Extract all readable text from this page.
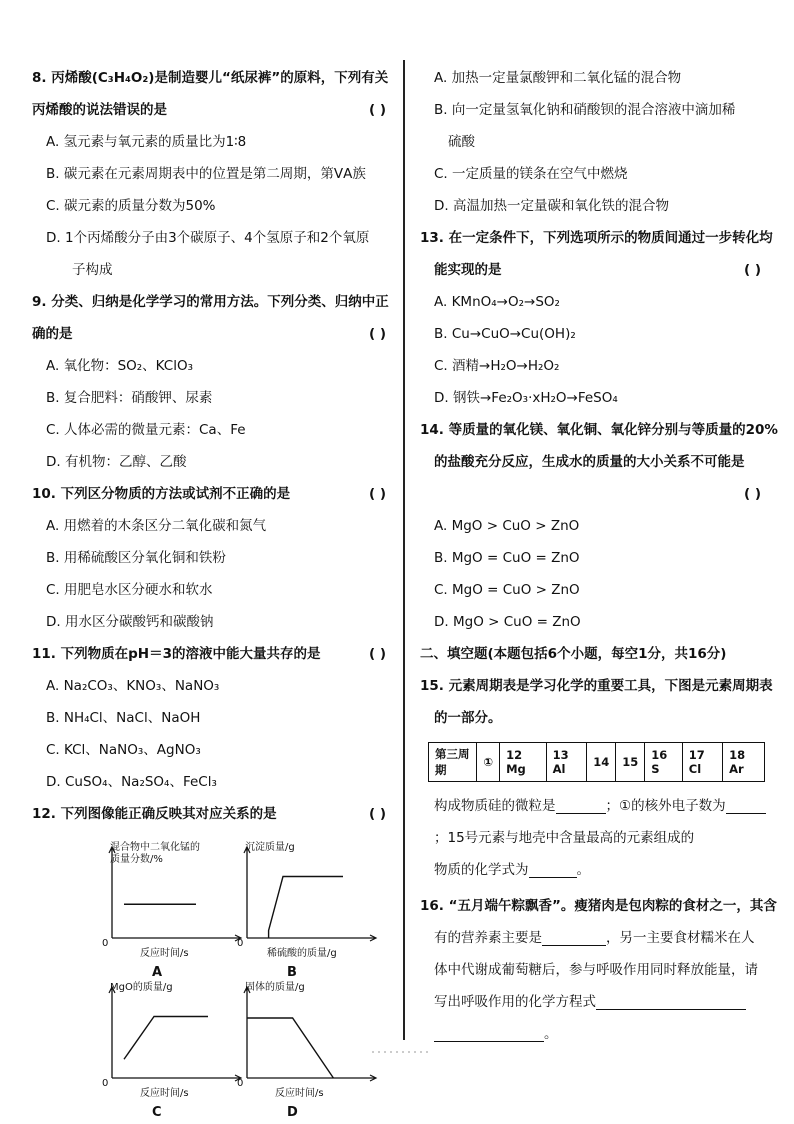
8. 丙烯酸(C₃H₄O₂)是制造婴儿“纸尿裤”的原料，下列有关
丙烯酸的说法错误的是	( )
A. 氢元素与氧元素的质量比为1∶8
B. 碳元素在元素周期表中的位置是第二周期，第ⅤA族
C. 碳元素的质量分数为50%
D. 1个丙烯酸分子由3个碳原子、4个氢原子和2个氧原
子构成
9. 分类、归纳是化学学习的常用方法。下列分类、归纳中正
确的是	( )
A. 氧化物：SO₂、KClO₃
B. 复合肥料：硝酸钾、尿素
C. 人体必需的微量元素：Ca、Fe
D. 有机物：乙醇、乙酸
10. 下列区分物质的方法或试剂不正确的是	( )
A. 用燃着的木条区分二氧化碳和氮气
B. 用稀硫酸区分氧化铜和铁粉
C. 用肥皂水区分硬水和软水
D. 用水区分碳酸钙和碳酸钠
11. 下列物质在pH＝3的溶液中能大量共存的是	( )
A. Na₂CO₃、KNO₃、NaNO₃
B. NH₄Cl、NaCl、NaOH
C. KCl、NaNO₃、AgNO₃
D. CuSO₄、Na₂SO₄、FeCl₃
12. 下列图像能正确反映其对应关系的是	( )
混合物中二氧化锰的质量分数/%
0
反应时间/s
A
沉淀质量/g
0
稀硫酸的质量/g
B
MgO的质量/g
0
反应时间/s
C
固体的质量/g
0
反应时间/s
D
A. 加热一定量氯酸钾和二氧化锰的混合物
B. 向一定量氢氧化钠和硝酸钡的混合溶液中滴加稀
硫酸
C. 一定质量的镁条在空气中燃烧
D. 高温加热一定量碳和氧化铁的混合物
13. 在一定条件下，下列选项所示的物质间通过一步转化均
能实现的是	( )
A. KMnO₄→O₂→SO₂
B. Cu→CuO→Cu(OH)₂
C. 酒精→H₂O→H₂O₂
D. 钢铁→Fe₂O₃·xH₂O→FeSO₄
14. 等质量的氧化镁、氧化铜、氧化锌分别与等质量的20%
的盐酸充分反应，生成水的质量的大小关系不可能是
( )
A. MgO > CuO > ZnO
B. MgO = CuO = ZnO
C. MgO = CuO > ZnO
D. MgO > CuO = ZnO
二、填空题(本题包括6个小题，每空1分，共16分)
15. 元素周期表是学习化学的重要工具，下图是元素周期表
的一部分。
第三周期	①	12 Mg	13 Al	14	15	16 S	17 Cl	18 Ar
构成物质硅的微粒是	；①的核外电子数为
；15号元素与地壳中含量最高的元素组成的
物质的化学式为	。
16. “五月端午粽飘香”。瘦猪肉是包肉粽的食材之一，其含
有的营养素主要是	，另一主要食材糯米在人
体中代谢成葡萄糖后，参与呼吸作用同时释放能量，请
写出呼吸作用的化学方程式
。
